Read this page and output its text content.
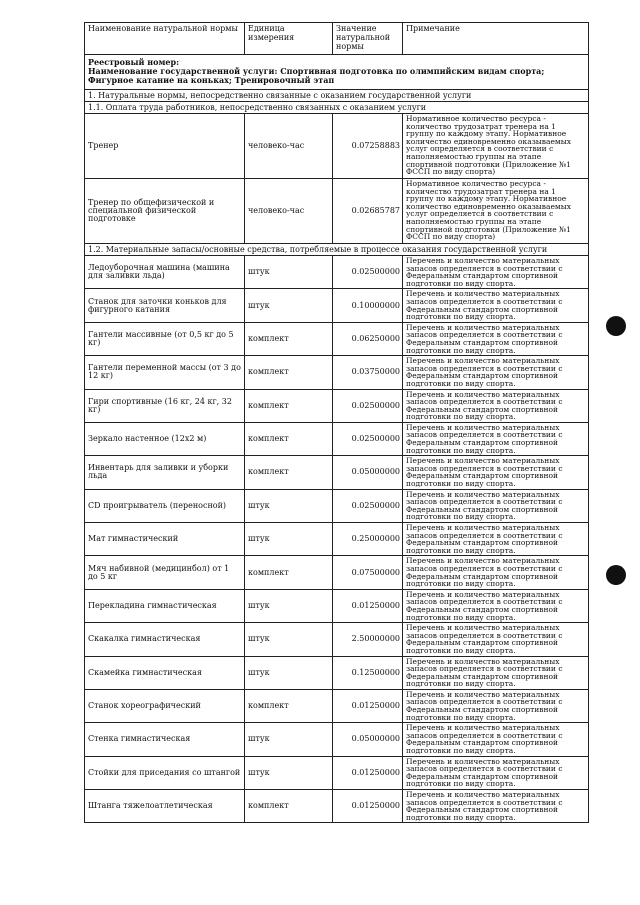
Наименование натуральной нормы	Единица измерения	Значение натуральной нормы	Примечание

Реестровый номер:
Наименование государственной услуги: Спортивная подготовка по олимпийским видам спорта;
Фигурное катание на коньках; Тренировочный этап			

1. Натуральные нормы, непосредственно связанные с оказанием государственной услуги			
1.1. Оплата труда работников, непосредственно связанных с оказанием услуги			
Тренер	человеко-час	0.07258883	Нормативное количество ресурса - количество трудозатрат тренера на 1 группу по каждому этапу. Нормативное количество единовременно оказываемых услуг определяется в соответствии с наполняемостью группы на этапе спортивной подготовки (Приложение №1 ФССП по виду спорта)
Тренер по общефизической и специальной физической подготовке	человеко-час	0.02685787	Нормативное количество ресурса - количество трудозатрат тренера на 1 группу по каждому этапу. Нормативное количество единовременно оказываемых услуг определяется в соответствии с наполняемостью группы на этапе спортивной подготовки (Приложение №1 ФССП по виду спорта)
1.2. Материальные запасы/основные средства, потребляемые в процессе оказания государственной услуги			
Ледоуборочная машина (машина для заливки льда)	штук	0.02500000	Перечень и количество материальных запасов определяется в соответствии с Федеральным стандартом спортивной подготовки по виду спорта.
Станок для заточки коньков для фигурного катания	штук	0.10000000	Перечень и количество материальных запасов определяется в соответствии с Федеральным стандартом спортивной подготовки по виду спорта.
Гантели массивные (от 0,5 кг до 5 кг)	комплект	0.06250000	Перечень и количество материальных запасов определяется в соответствии с Федеральным стандартом спортивной подготовки по виду спорта.
Гантели переменной массы (от 3 до 12 кг)	комплект	0.03750000	Перечень и количество материальных запасов определяется в соответствии с Федеральным стандартом спортивной подготовки по виду спорта.
Гири спортивные (16 кг, 24 кг, 32 кг)	комплект	0.02500000	Перечень и количество материальных запасов определяется в соответствии с Федеральным стандартом спортивной подготовки по виду спорта.
Зеркало настенное (12х2 м)	комплект	0.02500000	Перечень и количество материальных запасов определяется в соответствии с Федеральным стандартом спортивной подготовки по виду спорта.
Инвентарь для заливки и уборки льда	комплект	0.05000000	Перечень и количество материальных запасов определяется в соответствии с Федеральным стандартом спортивной подготовки по виду спорта.
CD проигрыватель (переносной)	штук	0.02500000	Перечень и количество материальных запасов определяется в соответствии с Федеральным стандартом спортивной подготовки по виду спорта.
Мат гимнастический	штук	0.25000000	Перечень и количество материальных запасов определяется в соответствии с Федеральным стандартом спортивной подготовки по виду спорта.
Мяч набивной (медицинбол) от 1 до 5 кг	комплект	0.07500000	Перечень и количество материальных запасов определяется в соответствии с Федеральным стандартом спортивной подготовки по виду спорта.
Перекладина гимнастическая	штук	0.01250000	Перечень и количество материальных запасов определяется в соответствии с Федеральным стандартом спортивной подготовки по виду спорта.
Скакалка гимнастическая	штук	2.50000000	Перечень и количество материальных запасов определяется в соответствии с Федеральным стандартом спортивной подготовки по виду спорта.
Скамейка гимнастическая	штук	0.12500000	Перечень и количество материальных запасов определяется в соответствии с Федеральным стандартом спортивной подготовки по виду спорта.
Станок хореографический	комплект	0.01250000	Перечень и количество материальных запасов определяется в соответствии с Федеральным стандартом спортивной подготовки по виду спорта.
Стенка гимнастическая	штук	0.05000000	Перечень и количество материальных запасов определяется в соответствии с Федеральным стандартом спортивной подготовки по виду спорта.
Стойки для приседания со штангой	штук	0.01250000	Перечень и количество материальных запасов определяется в соответствии с Федеральным стандартом спортивной подготовки по виду спорта.
Штанга тяжелоатлетическая	комплект	0.01250000	Перечень и количество материальных запасов определяется в соответствии с Федеральным стандартом спортивной подготовки по виду спорта.
